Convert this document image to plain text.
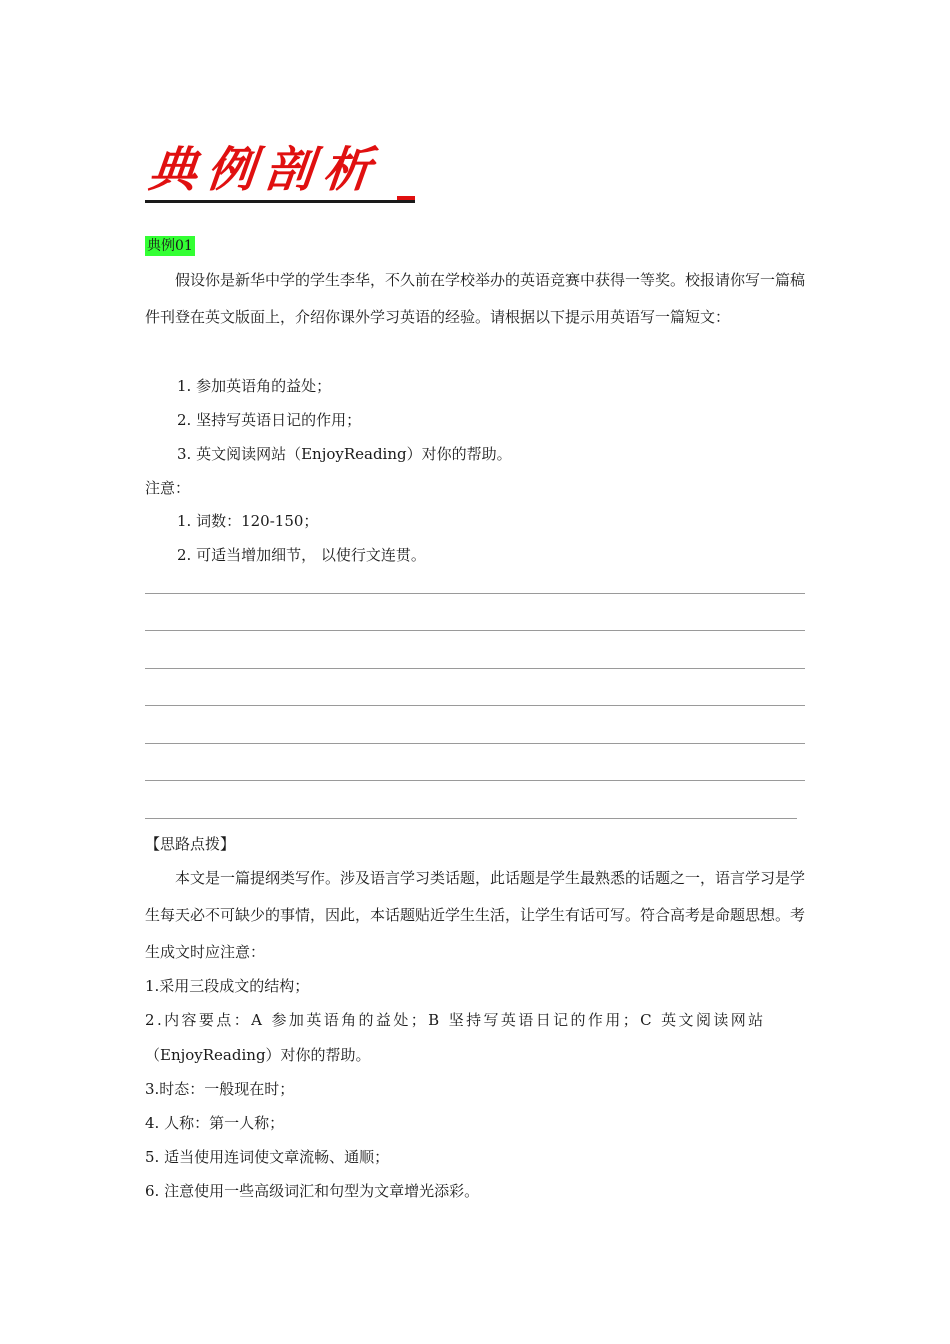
典例剖析
典例01
假设你是新华中学的学生李华，不久前在学校举办的英语竞赛中获得一等奖。校报请你写一篇稿件刊登在英文版面上，介绍你课外学习英语的经验。请根据以下提示用英语写一篇短文：
1. 参加英语角的益处；
2. 坚持写英语日记的作用；
3. 英文阅读网站（EnjoyReading）对你的帮助。
注意：
1. 词数：120-150；
2. 可适当增加细节， 以使行文连贯。
【思路点拨】
本文是一篇提纲类写作。涉及语言学习类话题，此话题是学生最熟悉的话题之一，语言学习是学生每天必不可缺少的事情，因此，本话题贴近学生生活，让学生有话可写。符合高考是命题思想。考生成文时应注意：
1.采用三段成文的结构；
2.内容要点：A 参加英语角的益处；B 坚持写英语日记的作用；C 英文阅读网站
（EnjoyReading）对你的帮助。
3.时态：一般现在时；
4. 人称：第一人称；
5. 适当使用连词使文章流畅、通顺；
6. 注意使用一些高级词汇和句型为文章增光添彩。
